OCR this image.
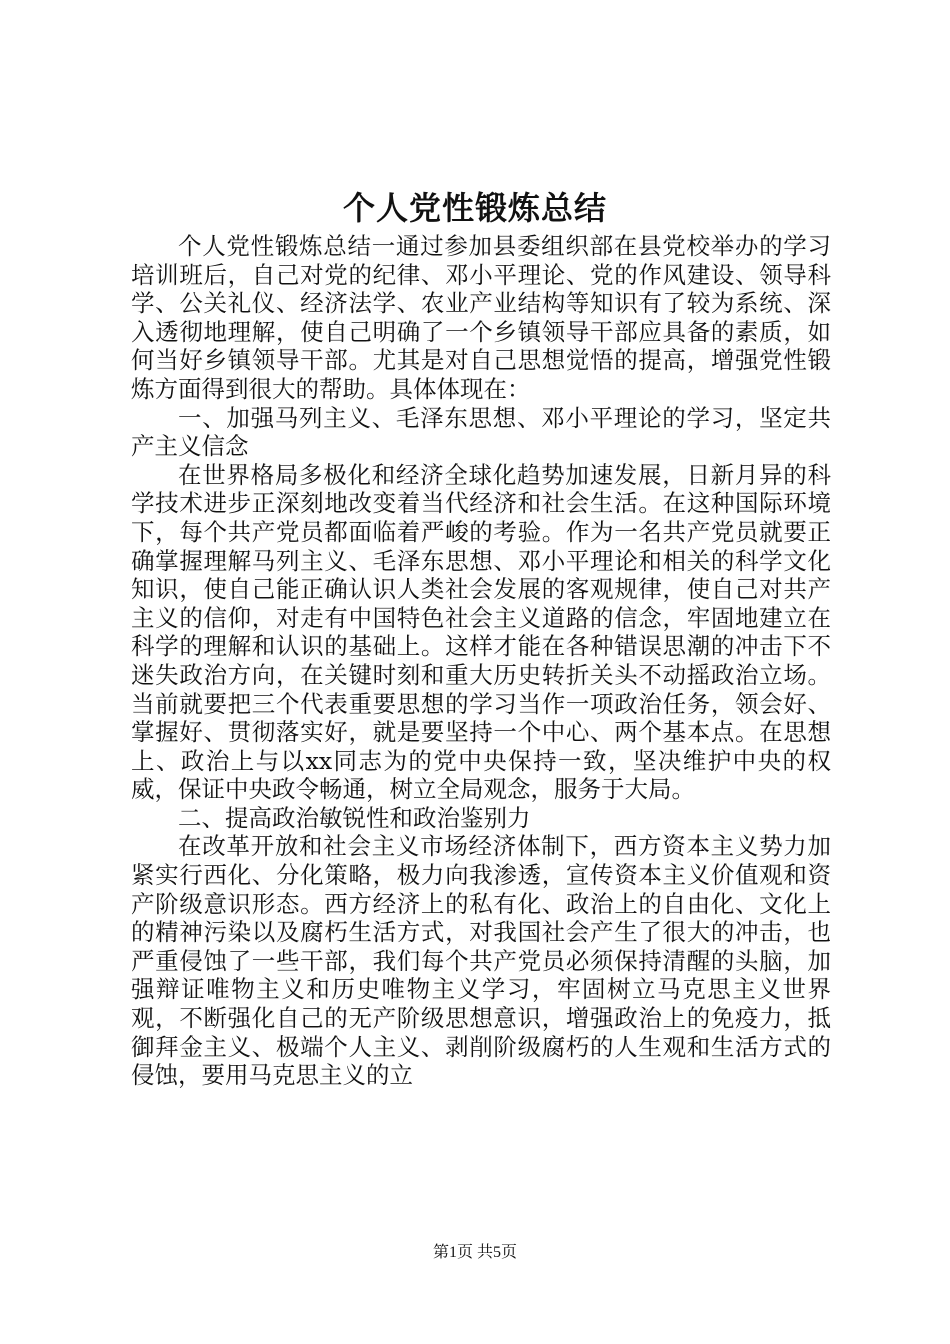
个人党性锻炼总结

个人党性锻炼总结一通过参加县委组织部在县党校举办的学习培训班后，自己对党的纪律、邓小平理论、党的作风建设、领导科学、公关礼仪、经济法学、农业产业结构等知识有了较为系统、深入透彻地理解，使自己明确了一个乡镇领导干部应具备的素质，如何当好乡镇领导干部。尤其是对自己思想觉悟的提高，增强党性锻炼方面得到很大的帮助。具体体现在：

一、加强马列主义、毛泽东思想、邓小平理论的学习，坚定共产主义信念

在世界格局多极化和经济全球化趋势加速发展，日新月异的科学技术进步正深刻地改变着当代经济和社会生活。在这种国际环境下，每个共产党员都面临着严峻的考验。作为一名共产党员就要正确掌握理解马列主义、毛泽东思想、邓小平理论和相关的科学文化知识，使自己能正确认识人类社会发展的客观规律，使自己对共产主义的信仰，对走有中国特色社会主义道路的信念，牢固地建立在科学的理解和认识的基础上。这样才能在各种错误思潮的冲击下不迷失政治方向，在关键时刻和重大历史转折关头不动摇政治立场。当前就要把三个代表重要思想的学习当作一项政治任务，领会好、掌握好、贯彻落实好，就是要坚持一个中心、两个基本点。在思想上、政治上与以xx同志为的党中央保持一致，坚决维护中央的权威，保证中央政令畅通，树立全局观念，服务于大局。

二、提高政治敏锐性和政治鉴别力

在改革开放和社会主义市场经济体制下，西方资本主义势力加紧实行西化、分化策略，极力向我渗透，宣传资本主义价值观和资产阶级意识形态。西方经济上的私有化、政治上的自由化、文化上的精神污染以及腐朽生活方式，对我国社会产生了很大的冲击，也严重侵蚀了一些干部，我们每个共产党员必须保持清醒的头脑，加强辩证唯物主义和历史唯物主义学习，牢固树立马克思主义世界观，不断强化自己的无产阶级思想意识，增强政治上的免疫力，抵御拜金主义、极端个人主义、剥削阶级腐朽的人生观和生活方式的侵蚀，要用马克思主义的立

第1页 共5页
